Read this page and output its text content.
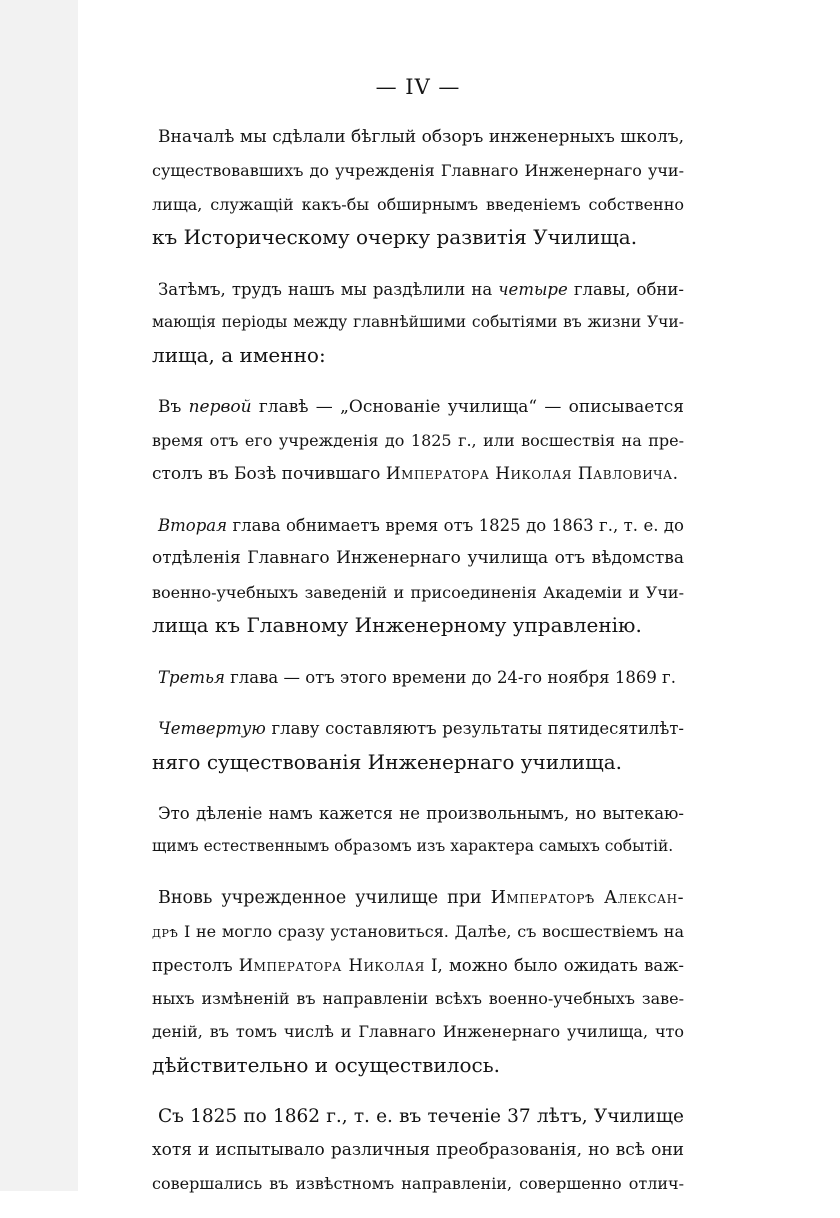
— IV —
Вначалѣ мы сдѣлали бѣглый обзоръ инженерныхъ школъ,
существовавшихъ до учрежденія Главнаго Инженернаго учи-
лища, служащій какъ-бы обширнымъ введеніемъ собственно
къ Историческому очерку развитія Училища.
Затѣмъ, трудъ нашъ мы раздѣлили на четыре главы, обни-
мающія періоды между главнѣйшими событіями въ жизни Учи-
лища, а именно:
Въ первой главѣ — „Основаніе училища“ — описывается
время отъ его учрежденія до 1825 г., или восшествія на пре-
столъ въ Бозѣ почившаго Императора Николая Павловича.
Вторая глава обнимаетъ время отъ 1825 до 1863 г., т. е. до
отдѣленія Главнаго Инженернаго училища отъ вѣдомства
военно-учебныхъ заведеній и присоединенія Академіи и Учи-
лища къ Главному Инженерному управленію.
Третья глава — отъ этого времени до 24-го ноября 1869 г.
Четвертую главу составляютъ результаты пятидесятилѣт-
няго существованія Инженернаго училища.
Это дѣленіе намъ кажется не произвольнымъ, но вытекаю-
щимъ естественнымъ образомъ изъ характера самыхъ событій.
Вновь учрежденное училище при Императорѣ Алексан-
дрѣ I не могло сразу установиться. Далѣе, съ восшествіемъ на
престолъ Императора Николая I, можно было ожидать важ-
ныхъ измѣненій въ направленіи всѣхъ военно-учебныхъ заве-
деній, въ томъ числѣ и Главнаго Инженернаго училища, что
дѣйствительно и осуществилось.
Съ 1825 по 1862 г., т. е. въ теченіе 37 лѣтъ, Училище
хотя и испытывало различныя преобразованія, но всѣ они
совершались въ извѣстномъ направленіи, совершенно отлич-
